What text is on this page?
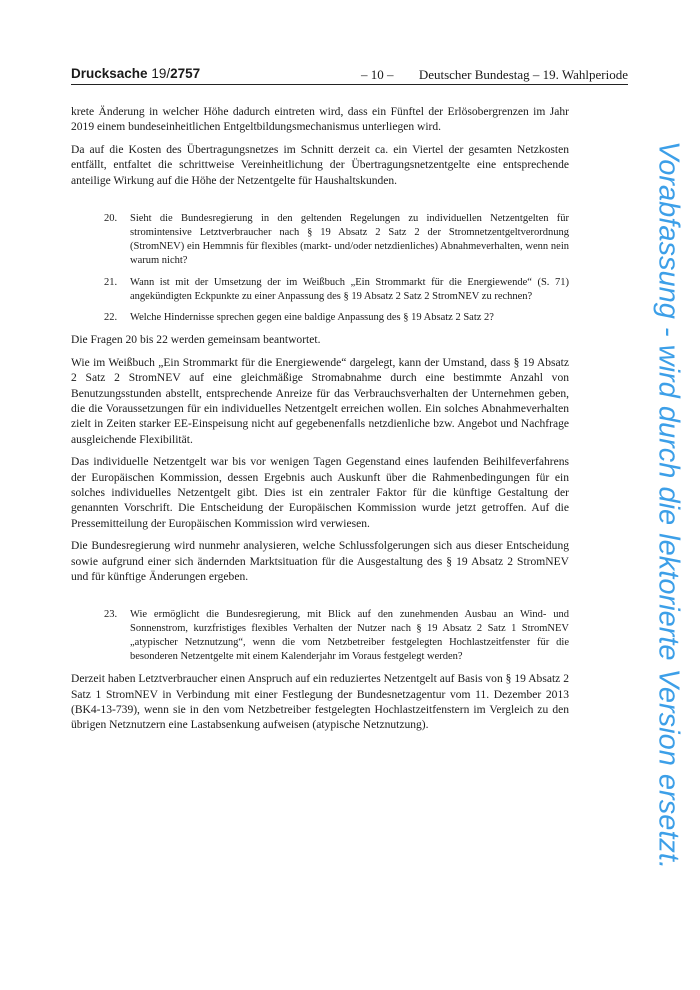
Drucksache 19/2757	– 10 – Deutscher Bundestag – 19. Wahlperiode

krete Änderung in welcher Höhe dadurch eintreten wird, dass ein Fünftel der Erlösobergrenzen im Jahr 2019 einem bundeseinheitlichen Entgeltbildungsmechanismus unterliegen wird.

Da auf die Kosten des Übertragungsnetzes im Schnitt derzeit ca. ein Viertel der gesamten Netzkosten entfällt, entfaltet die schrittweise Vereinheitlichung der Übertragungsnetzentgelte eine entsprechende anteilige Wirkung auf die Höhe der Netzentgelte für Haushaltskunden.

20.	Sieht die Bundesregierung in den geltenden Regelungen zu individuellen Netzentgelten für stromintensive Letztverbraucher nach § 19 Absatz 2 Satz 2 der Stromnetzentgeltverordnung (StromNEV) ein Hemmnis für flexibles (markt- und/oder netzdienliches) Abnahmeverhalten, wenn nein warum nicht?
21.	Wann ist mit der Umsetzung der im Weißbuch „Ein Strommarkt für die Energiewende“ (S. 71) angekündigten Eckpunkte zu einer Anpassung des § 19 Absatz 2 Satz 2 StromNEV zu rechnen?
22.	Welche Hindernisse sprechen gegen eine baldige Anpassung des § 19 Absatz 2 Satz 2?

Die Fragen 20 bis 22 werden gemeinsam beantwortet.

Wie im Weißbuch „Ein Strommarkt für die Energiewende“ dargelegt, kann der Umstand, dass § 19 Absatz 2 Satz 2 StromNEV auf eine gleichmäßige Stromabnahme durch eine bestimmte Anzahl von Benutzungsstunden abstellt, entsprechende Anreize für das Verbrauchsverhalten der Unternehmen geben, die die Voraussetzungen für ein individuelles Netzentgelt erreichen wollen. Ein solches Abnahmeverhalten zielt in Zeiten starker EE-Einspeisung nicht auf gegebenenfalls netzdienliche bzw. Angebot und Nachfrage ausgleichende Flexibilität.

Das individuelle Netzentgelt war bis vor wenigen Tagen Gegenstand eines laufenden Beihilfeverfahrens der Europäischen Kommission, dessen Ergebnis auch Auskunft über die Rahmenbedingungen für ein solches individuelles Netzentgelt gibt. Dies ist ein zentraler Faktor für die künftige Gestaltung der genannten Vorschrift. Die Entscheidung der Europäischen Kommission wurde jetzt getroffen. Auf die Pressemitteilung der Europäischen Kommission wird verwiesen.

Die Bundesregierung wird nunmehr analysieren, welche Schlussfolgerungen sich aus dieser Entscheidung sowie aufgrund einer sich ändernden Marktsituation für die Ausgestaltung des § 19 Absatz 2 StromNEV und für künftige Änderungen ergeben.

23.	Wie ermöglicht die Bundesregierung, mit Blick auf den zunehmenden Ausbau an Wind- und Sonnenstrom, kurzfristiges flexibles Verhalten der Nutzer nach § 19 Absatz 2 Satz 1 StromNEV „atypischer Netznutzung“, wenn die vom Netzbetreiber festgelegten Hochlastzeitfenster für die besonderen Netzentgelte mit einem Kalenderjahr im Voraus festgelegt werden?

Derzeit haben Letztverbraucher einen Anspruch auf ein reduziertes Netzentgelt auf Basis von § 19 Absatz 2 Satz 1 StromNEV in Verbindung mit einer Festlegung der Bundesnetzagentur vom 11. Dezember 2013 (BK4-13-739), wenn sie in den vom Netzbetreiber festgelegten Hochlastzeitfenstern im Vergleich zu den übrigen Netznutzern eine Lastabsenkung aufweisen (atypische Netznutzung).	Vorabfassung - wird durch die lektorierte Version ersetzt.
